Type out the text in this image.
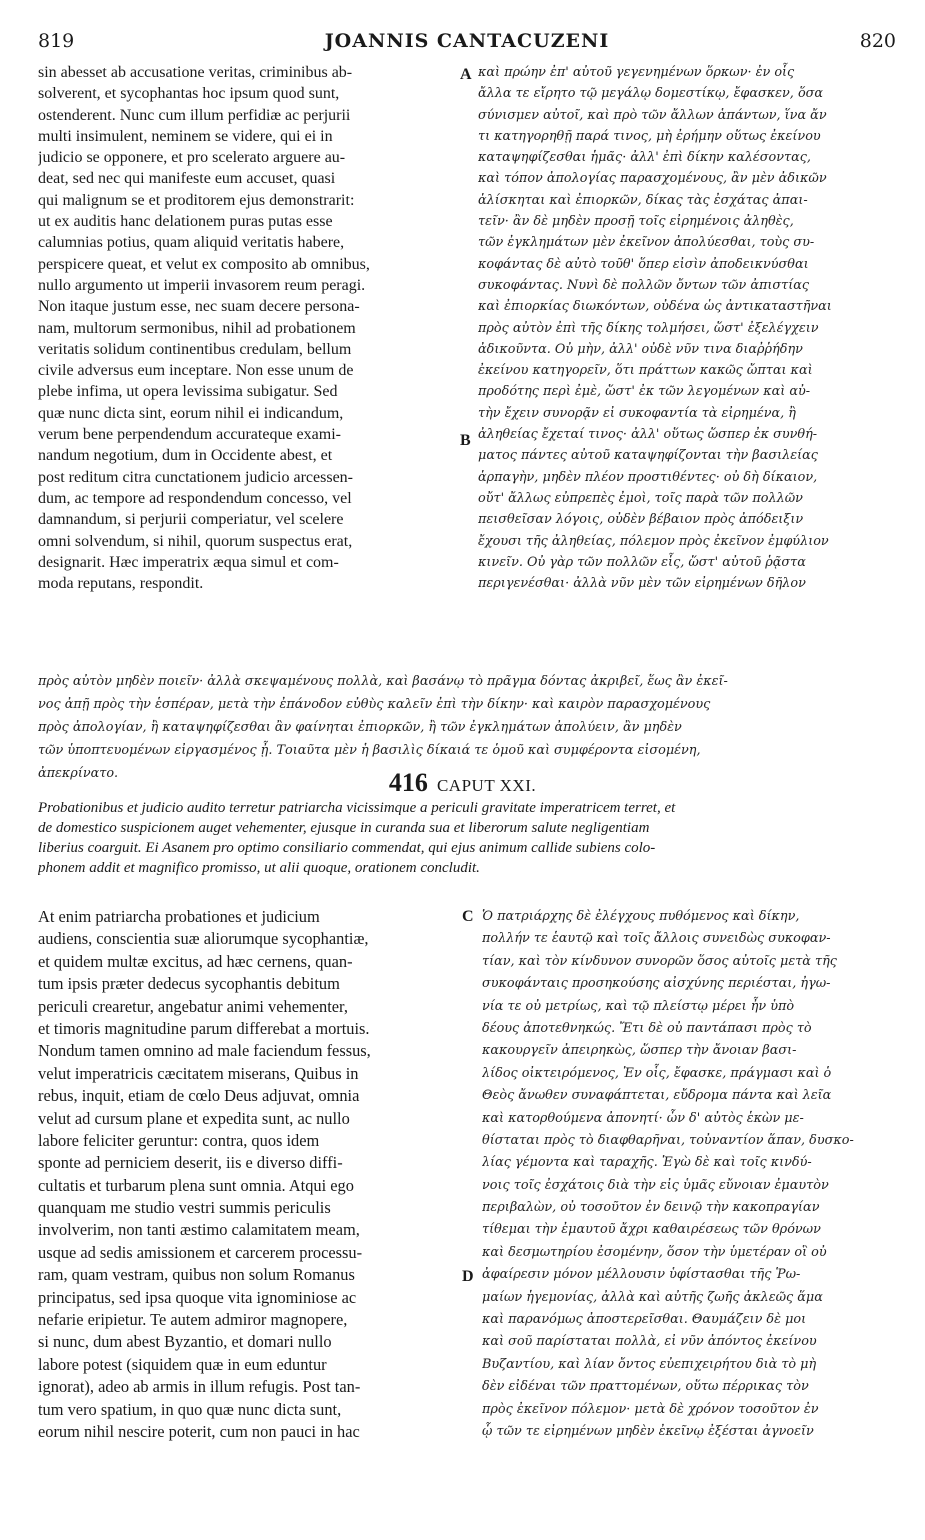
819	JOANNIS CANTACUZENI	820
A
B
C
D
sin abesset ab accusatione veritas, criminibus ab-
solverent, et sycophantas hoc ipsum quod sunt,
ostenderent. Nunc cum illum perfidiæ ac perjurii
multi insimulent, neminem se videre, qui ei in
judicio se opponere, et pro scelerato arguere au-
deat, sed nec qui manifeste eum accuset, quasi
qui malignum se et proditorem ejus demonstrarit:
ut ex auditis hanc delationem puras putas esse
calumnias potius, quam aliquid veritatis habere,
perspicere queat, et velut ex composito ab omnibus,
nullo argumento ut imperii invasorem reum peragi.
Non itaque justum esse, nec suam decere persona-
nam, multorum sermonibus, nihil ad probationem
veritatis solidum continentibus credulam, bellum
civile adversus eum inceptare. Non esse unum de
plebe infima, ut opera levissima subigatur. Sed
quæ nunc dicta sint, eorum nihil ei indicandum,
verum bene perpendendum accurateque exami-
nandum negotium, dum in Occidente abest, et
post reditum citra cunctationem judicio arcessen-
dum, ac tempore ad respondendum concesso, vel
damnandum, si perjurii comperiatur, vel scelere
omni solvendum, si nihil, quorum suspectus erat,
designarit. Hæc imperatrix æqua simul et com-
moda reputans, respondit.
καὶ πρώην ἐπ' αὐτοῦ γεγενημένων ὅρκων· ἐν οἷς
ἄλλα τε εἴρητο τῷ μεγάλῳ δομεστίκῳ, ἔφασκεν, ὅσα
σύνισμεν αὐτοῖ, καὶ πρὸ τῶν ἄλλων ἁπάντων, ἵνα ἄν
τι κατηγορηθῇ παρά τινος, μὴ ἐρήμην οὕτως ἐκείνου
καταψηφίζεσθαι ἡμᾶς· ἀλλ' ἐπὶ δίκην καλέσοντας,
καὶ τόπον ἀπολογίας παρασχομένους, ἂν μὲν ἀδικῶν
ἁλίσκηται καὶ ἐπιορκῶν, δίκας τὰς ἐσχάτας ἀπαι-
τεῖν· ἂν δὲ μηδὲν προσῇ τοῖς εἰρημένοις ἀληθὲς,
τῶν ἐγκλημάτων μὲν ἐκεῖνον ἀπολύεσθαι, τοὺς συ-
κοφάντας δὲ αὐτὸ τοῦθ' ὅπερ εἰσὶν ἀποδεικνύσθαι
συκοφάντας. Νυνὶ δὲ πολλῶν ὄντων τῶν ἀπιστίας
καὶ ἐπιορκίας διωκόντων, οὐδένα ὡς ἀντικαταστῆναι
πρὸς αὐτὸν ἐπὶ τῆς δίκης τολμήσει, ὥστ' ἐξελέγχειν
ἀδικοῦντα. Οὐ μὴν, ἀλλ' οὐδὲ νῦν τινα διαῤῥήδην
ἐκείνου κατηγορεῖν, ὅτι πράττων κακῶς ὤπται καὶ
προδότης περὶ ἐμὲ, ὥστ' ἐκ τῶν λεγομένων καὶ αὐ-
τὴν ἔχειν συνορᾷν εἰ συκοφαντία τὰ εἰρημένα, ἢ
ἀληθείας ἔχεταί τινος· ἀλλ' οὕτως ὥσπερ ἐκ συνθή-
ματος πάντες αὐτοῦ καταψηφίζονται τὴν βασιλείας
ἁρπαγὴν, μηδὲν πλέον προστιθέντες· οὐ δὴ δίκαιον,
οὔτ' ἄλλως εὐπρεπὲς ἐμοὶ, τοῖς παρὰ τῶν πολλῶν
πεισθεῖσαν λόγοις, οὐδὲν βέβαιον πρὸς ἀπόδειξιν
ἔχουσι τῆς ἀληθείας, πόλεμον πρὸς ἐκεῖνον ἐμφύλιον
κινεῖν. Οὐ γὰρ τῶν πολλῶν εἷς, ὥστ' αὐτοῦ ῥᾷστα
περιγενέσθαι· ἀλλὰ νῦν μὲν τῶν εἰρημένων δῆλον
πρὸς αὐτὸν μηδὲν ποιεῖν· ἀλλὰ σκεψαμένους πολλὰ, καὶ βασάνῳ τὸ πρᾶγμα δόντας ἀκριβεῖ, ἕως ἂν ἐκεῖ-
νος ἀπῇ πρὸς τὴν ἑσπέραν, μετὰ τὴν ἐπάνοδον εὐθὺς καλεῖν ἐπὶ τὴν δίκην· καὶ καιρὸν παρασχομένους
πρὸς ἀπολογίαν, ἢ καταψηφίζεσθαι ἂν φαίνηται ἐπιορκῶν, ἢ τῶν ἐγκλημάτων ἀπολύειν, ἂν μηδὲν
τῶν ὑποπτευομένων εἰργασμένος ᾖ. Τοιαῦτα μὲν ἡ βασιλὶς δίκαιά τε ὁμοῦ καὶ συμφέροντα εἰσομένη,
ἀπεκρίνατο.	416 CAPUT XXI.
Probationibus et judicio audito terretur patriarcha vicissimque a periculi gravitate imperatricem terret, et
de domestico suspicionem auget vehementer, ejusque in curanda sua et liberorum salute negligentiam
liberius coarguit. Ei Asanem pro optimo consiliario commendat, qui ejus animum callide subiens colo-
phonem addit et magnifico promisso, ut alii quoque, orationem concludit.
At enim patriarcha probationes et judicium
audiens, conscientia suæ aliorumque sycophantiæ,
et quidem multæ excitus, ad hæc cernens, quan-
tum ipsis præter dedecus sycophantis debitum
periculi crearetur, angebatur animi vehementer,
et timoris magnitudine parum differebat a mortuis.
Nondum tamen omnino ad male faciendum fessus,
velut imperatricis cæcitatem miserans, Quibus in
rebus, inquit, etiam de cœlo Deus adjuvat, omnia
velut ad cursum plane et expedita sunt, ac nullo
labore feliciter geruntur: contra, quos idem
sponte ad perniciem deserit, iis e diverso diffi-
cultatis et turbarum plena sunt omnia. Atqui ego
quanquam me studio vestri summis periculis
involverim, non tanti æstimo calamitatem meam,
usque ad sedis amissionem et carcerem processu-
ram, quam vestram, quibus non solum Romanus
principatus, sed ipsa quoque vita ignominiose ac
nefarie eripietur. Te autem admiror magnopere,
si nunc, dum abest Byzantio, et domari nullo
labore potest (siquidem quæ in eum eduntur
ignorat), adeo ab armis in illum refugis. Post tan-
tum vero spatium, in quo quæ nunc dicta sunt,
eorum nihil nescire poterit, cum non pauci in hac
Ὁ πατριάρχης δὲ ἐλέγχους πυθόμενος καὶ δίκην,
πολλήν τε ἑαυτῷ καὶ τοῖς ἄλλοις συνειδὼς συκοφαν-
τίαν, καὶ τὸν κίνδυνον συνορῶν ὅσος αὐτοῖς μετὰ τῆς
συκοφάνταις προσηκούσης αἰσχύνης περιέσται, ἠγω-
νία τε οὐ μετρίως, καὶ τῷ πλείστῳ μέρει ἦν ὑπὸ
δέους ἀποτεθνηκώς. Ἔτι δὲ οὐ παντάπασι πρὸς τὸ
κακουργεῖν ἀπειρηκὼς, ὥσπερ τὴν ἄνοιαν βασι-
λίδος οἰκτειρόμενος, Ἐν οἷς, ἔφασκε, πράγμασι καὶ ὁ
Θεὸς ἄνωθεν συναφάπτεται, εὔδρομα πάντα καὶ λεῖα
καὶ κατορθούμενα ἀπονητί· ὧν δ' αὐτὸς ἑκὼν με-
θίσταται πρὸς τὸ διαφθαρῆναι, τοὐναντίον ἅπαν, δυσκο-
λίας γέμοντα καὶ ταραχῆς. Ἐγὼ δὲ καὶ τοῖς κινδύ-
νοις τοῖς ἐσχάτοις διὰ τὴν εἰς ὑμᾶς εὔνοιαν ἐμαυτὸν
περιβαλὼν, οὐ τοσοῦτον ἐν δεινῷ τὴν κακοπραγίαν
τίθεμαι τὴν ἐμαυτοῦ ἄχρι καθαιρέσεως τῶν θρόνων
καὶ δεσμωτηρίου ἐσομένην, ὅσον τὴν ὑμετέραν οἳ οὐ
ἀφαίρεσιν μόνον μέλλουσιν ὑφίστασθαι τῆς Ῥω-
μαίων ἡγεμονίας, ἀλλὰ καὶ αὐτῆς ζωῆς ἀκλεῶς ἅμα
καὶ παρανόμως ἀποστερεῖσθαι. Θαυμάζειν δὲ μοι
καὶ σοῦ παρίσταται πολλὰ, εἰ νῦν ἀπόντος ἐκείνου
Βυζαντίου, καὶ λίαν ὄντος εὐεπιχειρήτου διὰ τὸ μὴ
δὲν εἰδέναι τῶν πραττομένων, οὕτω πέρρικας τὸν
πρὸς ἐκεῖνον πόλεμον· μετὰ δὲ χρόνον τοσοῦτον ἐν
ᾧ τῶν τε εἰρημένων μηδὲν ἐκεῖνῳ ἐξέσται ἀγνοεῖν
